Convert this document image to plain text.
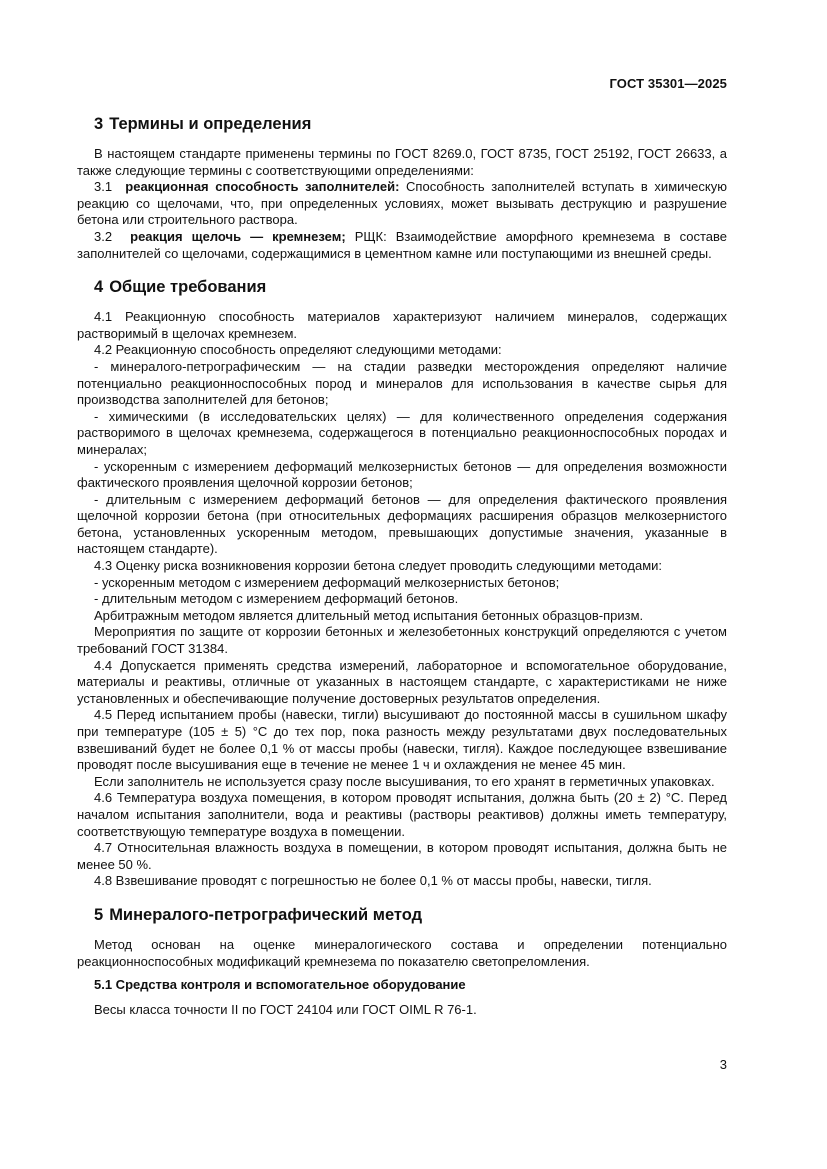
ГОСТ 35301—2025
3 Термины и определения

В настоящем стандарте применены термины по ГОСТ 8269.0, ГОСТ 8735, ГОСТ 25192, ГОСТ 26633, а также следующие термины с соответствующими определениями:

3.1 реакционная способность заполнителей: Способность заполнителей вступать в химическую реакцию со щелочами, что, при определенных условиях, может вызывать деструкцию и разрушение бетона или строительного раствора.

3.2 реакция щелочь — кремнезем; РЩК: Взаимодействие аморфного кремнезема в составе заполнителей со щелочами, содержащимися в цементном камне или поступающими из внешней среды.

4 Общие требования

4.1 Реакционную способность материалов характеризуют наличием минералов, содержащих растворимый в щелочах кремнезем.

4.2 Реакционную способность определяют следующими методами:

- минералого-петрографическим — на стадии разведки месторождения определяют наличие потенциально реакционноспособных пород и минералов для использования в качестве сырья для производства заполнителей для бетонов;

- химическими (в исследовательских целях) — для количественного определения содержания растворимого в щелочах кремнезема, содержащегося в потенциально реакционноспособных породах и минералах;

- ускоренным с измерением деформаций мелкозернистых бетонов — для определения возможности фактического проявления щелочной коррозии бетонов;

- длительным с измерением деформаций бетонов — для определения фактического проявления щелочной коррозии бетона (при относительных деформациях расширения образцов мелкозернистого бетона, установленных ускоренным методом, превышающих допустимые значения, указанные в настоящем стандарте).

4.3 Оценку риска возникновения коррозии бетона следует проводить следующими методами:

- ускоренным методом с измерением деформаций мелкозернистых бетонов;

- длительным методом с измерением деформаций бетонов.

Арбитражным методом является длительный метод испытания бетонных образцов-призм.

Мероприятия по защите от коррозии бетонных и железобетонных конструкций определяются с учетом требований ГОСТ 31384.

4.4 Допускается применять средства измерений, лабораторное и вспомогательное оборудование, материалы и реактивы, отличные от указанных в настоящем стандарте, с характеристиками не ниже установленных и обеспечивающие получение достоверных результатов определения.

4.5 Перед испытанием пробы (навески, тигли) высушивают до постоянной массы в сушильном шкафу при температуре (105 ± 5) °С до тех пор, пока разность между результатами двух последовательных взвешиваний будет не более 0,1 % от массы пробы (навески, тигля). Каждое последующее взвешивание проводят после высушивания еще в течение не менее 1 ч и охлаждения не менее 45 мин.

Если заполнитель не используется сразу после высушивания, то его хранят в герметичных упаковках.

4.6 Температура воздуха помещения, в котором проводят испытания, должна быть (20 ± 2) °С. Перед началом испытания заполнители, вода и реактивы (растворы реактивов) должны иметь температуру, соответствующую температуре воздуха в помещении.

4.7 Относительная влажность воздуха в помещении, в котором проводят испытания, должна быть не менее 50 %.

4.8 Взвешивание проводят с погрешностью не более 0,1 % от массы пробы, навески, тигля.

5 Минералого-петрографический метод

Метод основан на оценке минералогического состава и определении потенциально реакционноспособных модификаций кремнезема по показателю светопреломления.

5.1 Средства контроля и вспомогательное оборудование

Весы класса точности II по ГОСТ 24104 или ГОСТ OIML R 76-1.

3
